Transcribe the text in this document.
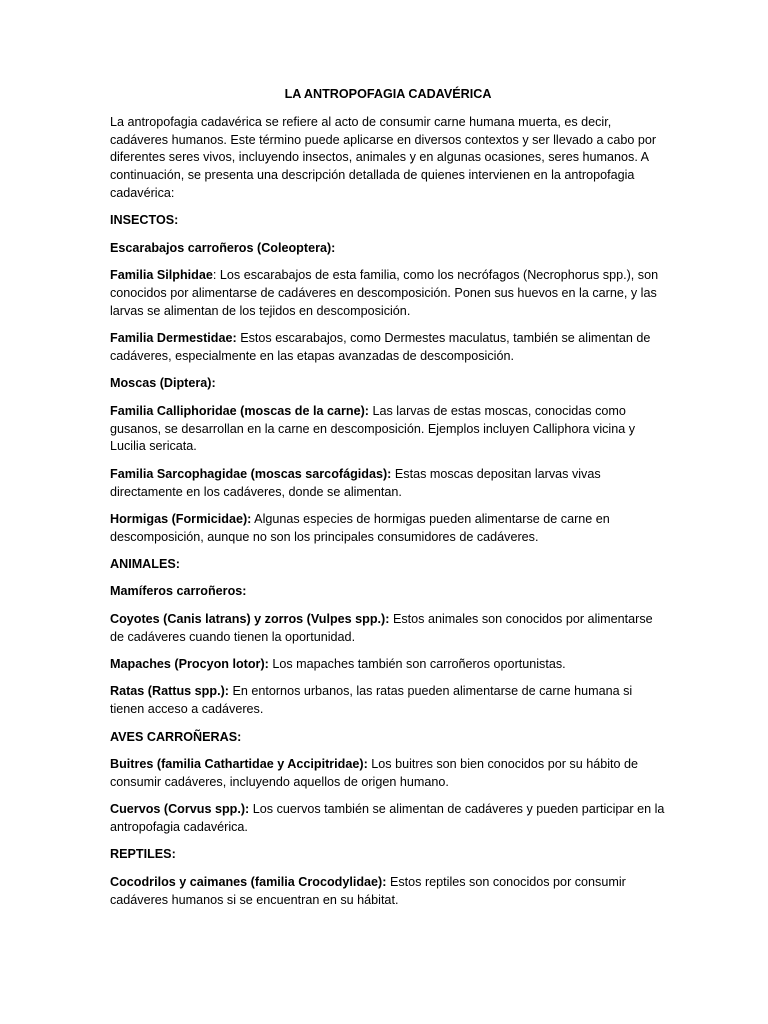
LA ANTROPOFAGIA CADAVÉRICA
La antropofagia cadavérica se refiere al acto de consumir carne humana muerta, es decir, cadáveres humanos. Este término puede aplicarse en diversos contextos y ser llevado a cabo por diferentes seres vivos, incluyendo insectos, animales y en algunas ocasiones, seres humanos. A continuación, se presenta una descripción detallada de quienes intervienen en la antropofagia cadavérica:
INSECTOS:
Escarabajos carroñeros (Coleoptera):
Familia Silphidae: Los escarabajos de esta familia, como los necrófagos (Necrophorus spp.), son conocidos por alimentarse de cadáveres en descomposición. Ponen sus huevos en la carne, y las larvas se alimentan de los tejidos en descomposición.
Familia Dermestidae: Estos escarabajos, como Dermestes maculatus, también se alimentan de cadáveres, especialmente en las etapas avanzadas de descomposición.
Moscas (Diptera):
Familia Calliphoridae (moscas de la carne): Las larvas de estas moscas, conocidas como gusanos, se desarrollan en la carne en descomposición. Ejemplos incluyen Calliphora vicina y Lucilia sericata.
Familia Sarcophagidae (moscas sarcofágidas): Estas moscas depositan larvas vivas directamente en los cadáveres, donde se alimentan.
Hormigas (Formicidae): Algunas especies de hormigas pueden alimentarse de carne en descomposición, aunque no son los principales consumidores de cadáveres.
ANIMALES:
Mamíferos carroñeros:
Coyotes (Canis latrans) y zorros (Vulpes spp.): Estos animales son conocidos por alimentarse de cadáveres cuando tienen la oportunidad.
Mapaches (Procyon lotor): Los mapaches también son carroñeros oportunistas.
Ratas (Rattus spp.): En entornos urbanos, las ratas pueden alimentarse de carne humana si tienen acceso a cadáveres.
AVES CARROÑERAS:
Buitres (familia Cathartidae y Accipitridae): Los buitres son bien conocidos por su hábito de consumir cadáveres, incluyendo aquellos de origen humano.
Cuervos (Corvus spp.): Los cuervos también se alimentan de cadáveres y pueden participar en la antropofagia cadavérica.
REPTILES:
Cocodrilos y caimanes (familia Crocodylidae): Estos reptiles son conocidos por consumir cadáveres humanos si se encuentran en su hábitat.
